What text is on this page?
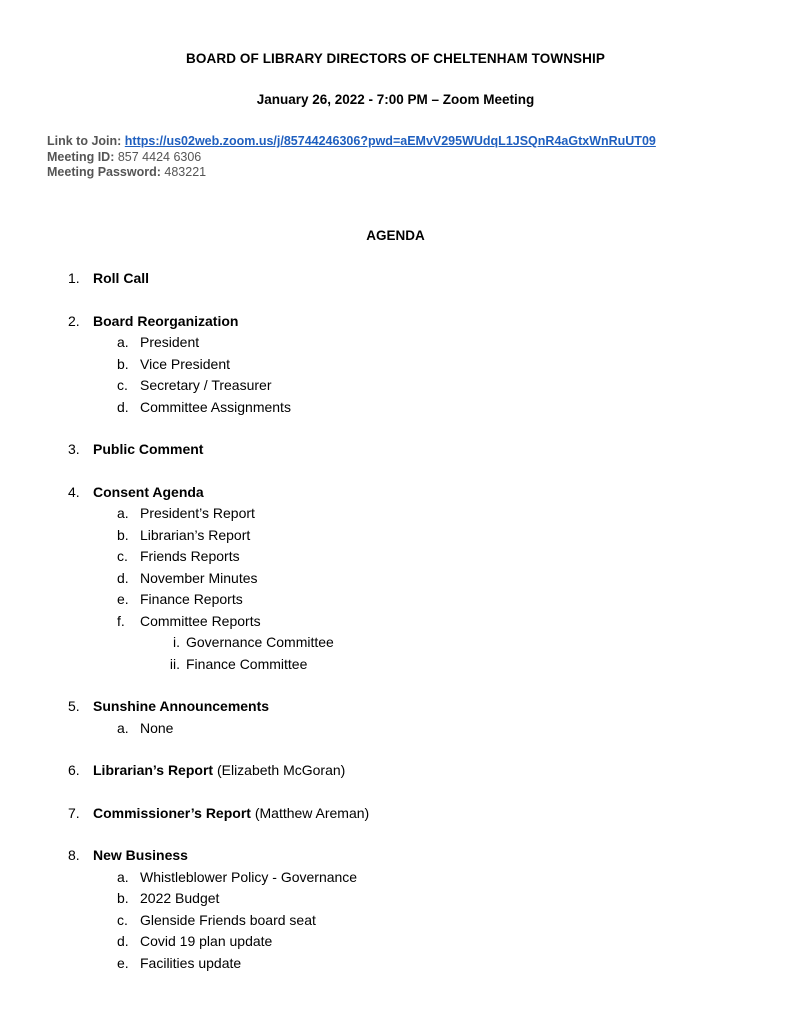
BOARD OF LIBRARY DIRECTORS OF CHELTENHAM TOWNSHIP
January 26, 2022 - 7:00 PM – Zoom Meeting
Link to Join: https://us02web.zoom.us/j/85744246306?pwd=aEMvV295WUdqL1JSQnR4aGtxWnRuUT09
Meeting ID: 857 4424 6306
Meeting Password: 483221
AGENDA
1. Roll Call
2. Board Reorganization
a. President
b. Vice President
c. Secretary / Treasurer
d. Committee Assignments
3. Public Comment
4. Consent Agenda
a. President’s Report
b. Librarian’s Report
c. Friends Reports
d. November Minutes
e. Finance Reports
f. Committee Reports
i. Governance Committee
ii. Finance Committee
5. Sunshine Announcements
a. None
6. Librarian’s Report (Elizabeth McGoran)
7. Commissioner’s Report (Matthew Areman)
8. New Business
a. Whistleblower Policy - Governance
b. 2022 Budget
c. Glenside Friends board seat
d. Covid 19 plan update
e. Facilities update
